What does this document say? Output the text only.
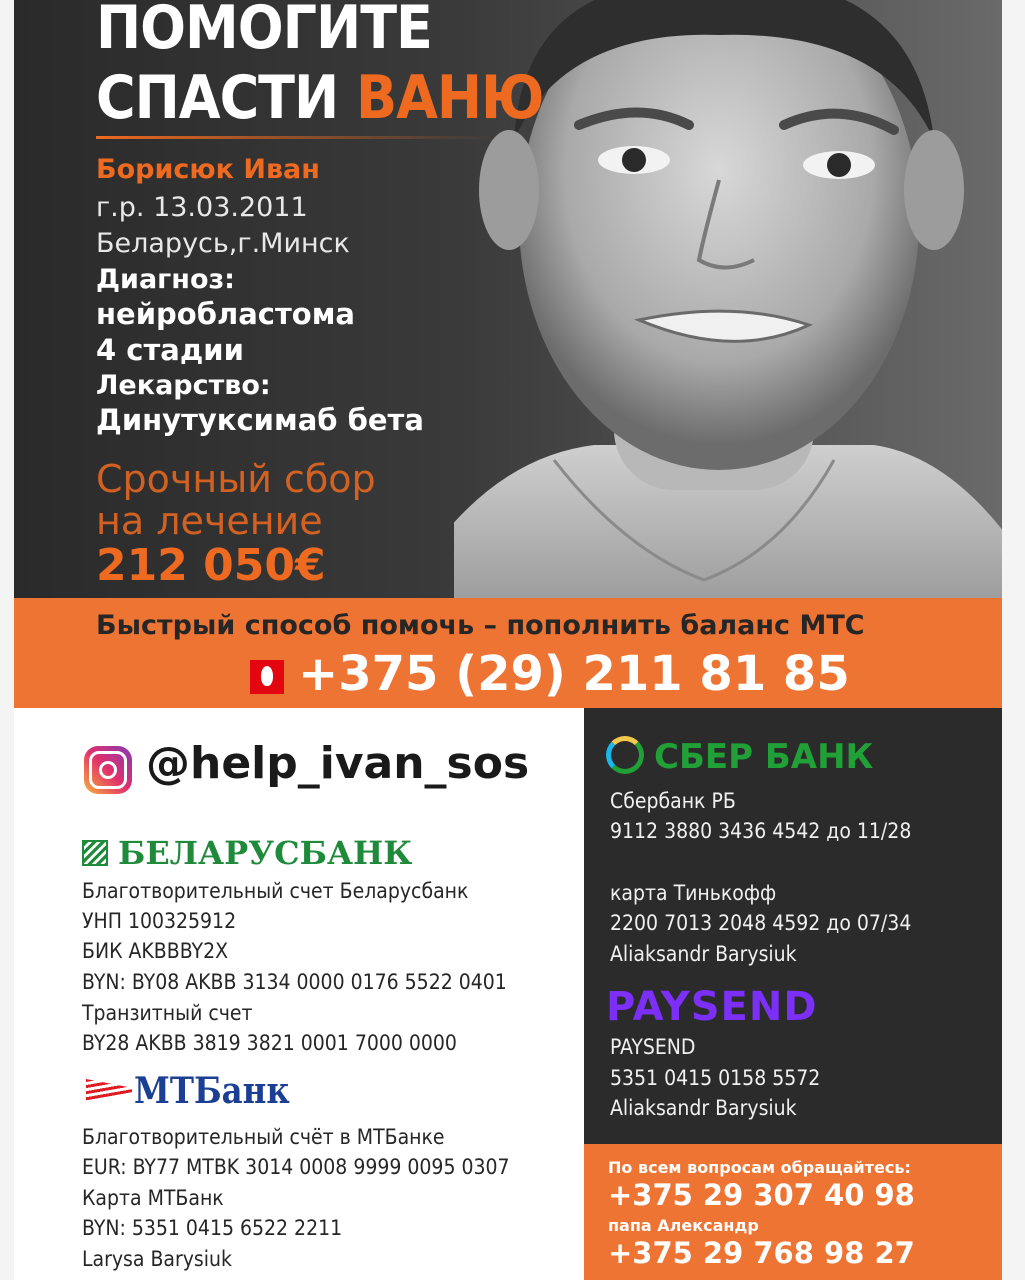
ПОМОГИТЕ
СПАСТИ ВАНЮ
Борисюк Иван
г.р. 13.03.2011
Беларусь,г.Минск
Диагноз:
нейробластома
4 стадии
Лекарство:
Динутуксимаб бета
Срочный сбор
на лечение
212 050€
Быстрый способ помочь – пополнить баланс МТС
+375 (29) 211 81 85
@help_ivan_sos
БЕЛАРУСБАНК
Благотворительный счет Беларусбанк
УНП 100325912
БИК AKBBBY2X
BYN: BY08 AKBB 3134 0000 0176 5522 0401
Транзитный счет
BY28 AKBB 3819 3821 0001 7000 0000
МТБанк
Благотворительный счёт в МТБанке
EUR: BY77 MTBK 3014 0008 9999 0095 0307
Карта МТБанк
BYN: 5351 0415 6522 2211
Larysa Barysiuk
СБЕР БАНК
Сбербанк РБ
9112 3880 3436 4542 до 11/28
карта Тинькофф
2200 7013 2048 4592 до 07/34
Aliaksandr Barysiuk
PAYSEND
PAYSEND
5351 0415 0158 5572
Aliaksandr Barysiuk
По всем вопросам обращайтесь:
+375 29 307 40 98
папа Александр
+375 29 768 98 27
